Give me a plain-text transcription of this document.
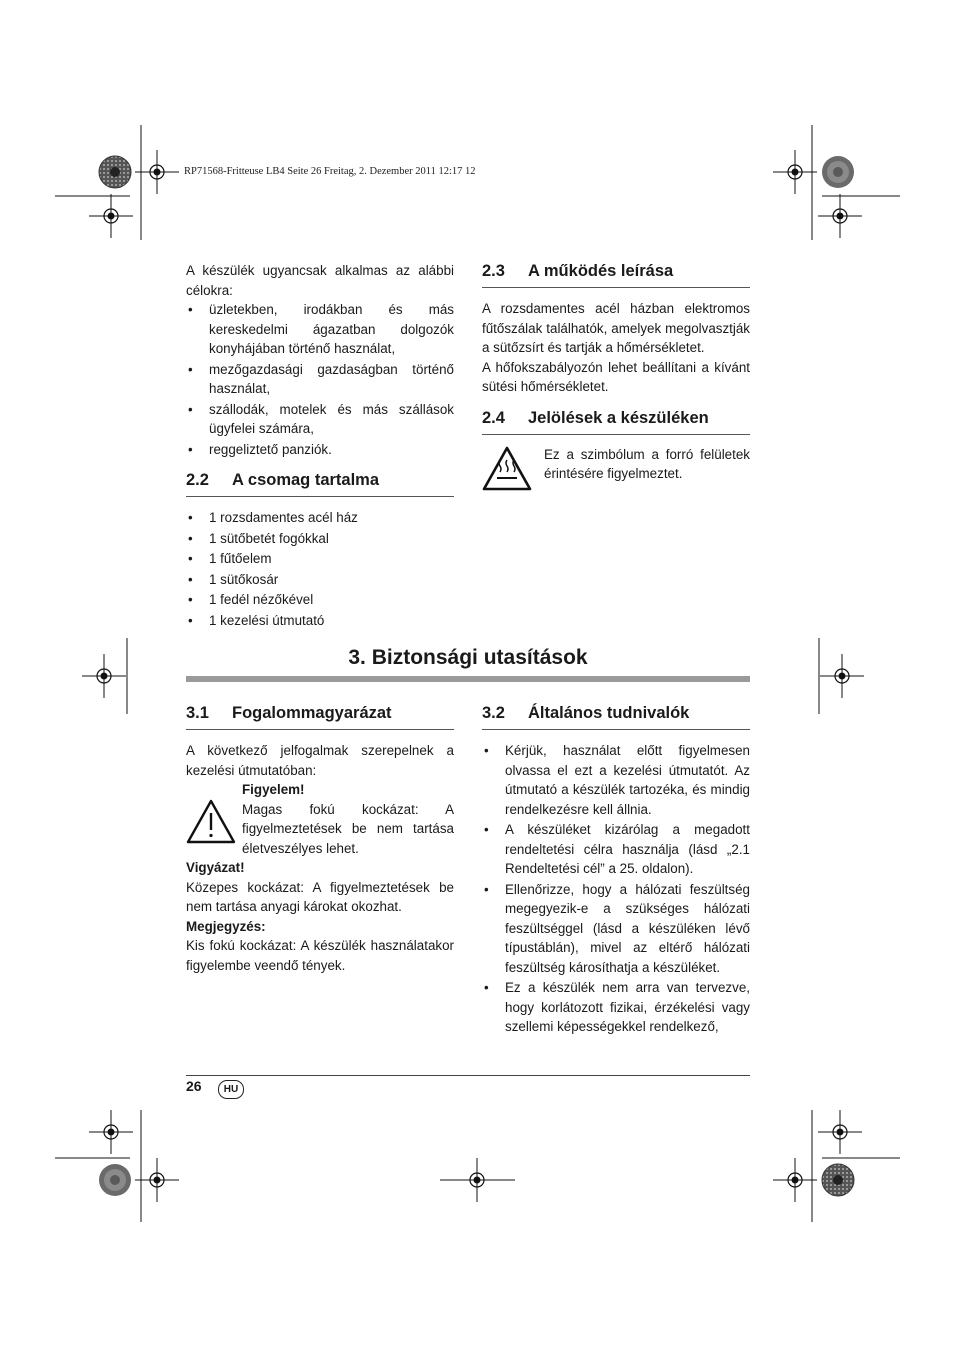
RP71568-Fritteuse LB4 Seite 26 Freitag, 2. Dezember 2011 12:17 12

A készülék ugyancsak alkalmas az alábbi célokra:

• üzletekben, irodákban és más kereskedelmi ágazatban dolgozók konyhájában történő használat,
• mezőgazdasági gazdaságban történő használat,
• szállodák, motelek és más szállások ügyfelei számára,
• reggeliztető panziók.
2.2 A csomag tartalma
• 1 rozsdamentes acél ház
• 1 sütőbetét fogókkal
• 1 fűtőelem
• 1 sütőkosár
• 1 fedél nézőkével
• 1 kezelési útmutató
2.3 A működés leírása

A rozsdamentes acél házban elektromos fűtőszálak találhatók, amelyek megolvasztják a sütőzsírt és tartják a hőmérsékletet.

A hőfokszabályozón lehet beállítani a kívánt sütési hőmérsékletet.

2.4 Jelölések a készüléken

Ez a szimbólum a forró felületek érintésére figyelmeztet.

3. Biztonsági utasítások
3.1 Fogalommagyarázat

A következő jelfogalmak szerepelnek a kezelési útmutatóban:

Figyelem!

Magas fokú kockázat: A figyelmeztetések be nem tartása életveszélyes lehet.

Vigyázat!

Közepes kockázat: A figyelmeztetések be nem tartása anyagi károkat okozhat.

Megjegyzés:

Kis fokú kockázat: A készülék használatakor figyelembe veendő tények.

3.2 Általános tudnivalók
• Kérjük, használat előtt figyelmesen olvassa el ezt a kezelési útmutatót. Az útmutató a készülék tartozéka, és mindig rendelkezésre kell állnia.
• A készüléket kizárólag a megadott rendeltetési célra használja (lásd „2.1 Rendeltetési cél” a 25. oldalon).
• Ellenőrizze, hogy a hálózati feszültség megegyezik-e a szükséges hálózati feszültséggel (lásd a készüléken lévő típustáblán), mivel az eltérő hálózati feszültség károsíthatja a készüléket.
• Ez a készülék nem arra van tervezve, hogy korlátozott fizikai, érzékelési vagy szellemi képességekkel rendelkező,
26	HU
